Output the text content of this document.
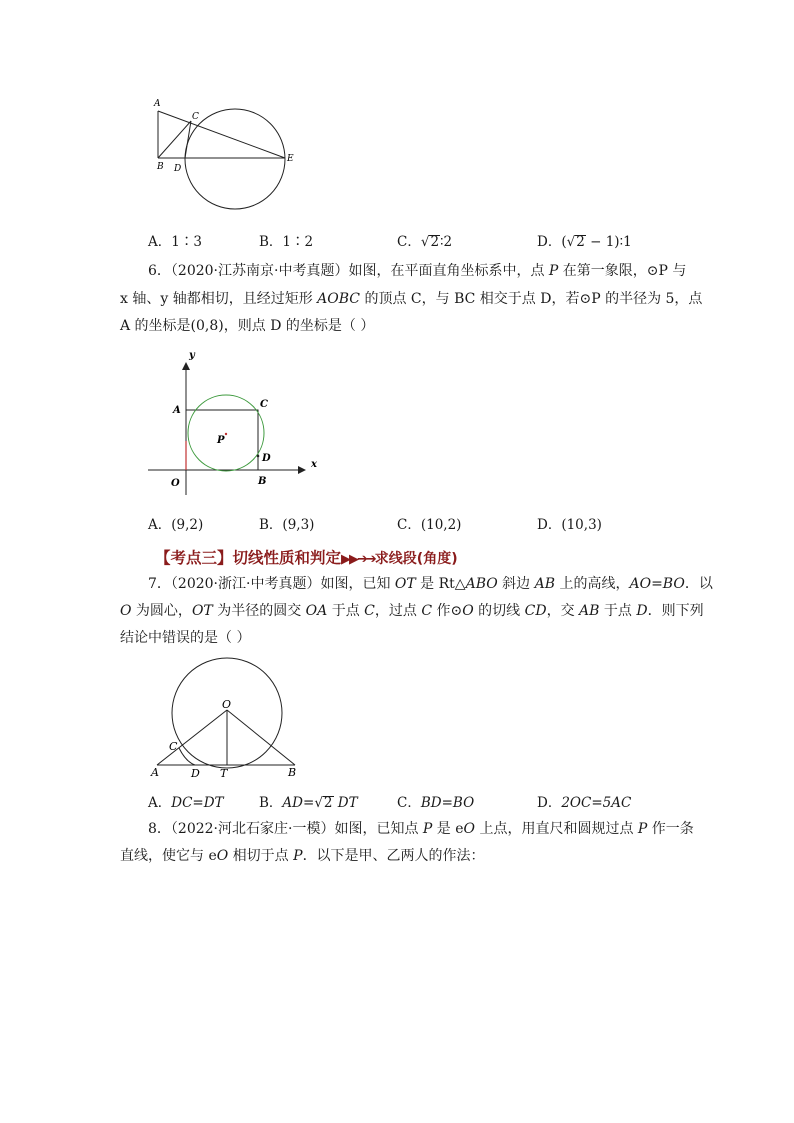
A
B
C
D
E
A．1∶3	B．1∶2	C．√2∶2	D．(√2 − 1)∶1
6．（2020·江苏南京·中考真题）如图，在平面直角坐标系中，点 P 在第一象限，⊙P 与
x 轴、y 轴都相切，且经过矩形 AOBC 的顶点 C，与 BC 相交于点 D，若⊙P 的半径为 5，点
A 的坐标是(0,8)，则点 D 的坐标是（ ）
y
x
A
C
P
D
O	B
A．(9,2)	B．(9,3)	C．(10,2)	D．(10,3)
【考点三】切线性质和判定▶▶➔➔求线段(角度)
7．（2020·浙江·中考真题）如图，已知 OT 是 Rt△ABO 斜边 AB 上的高线，AO=BO．以
O 为圆心，OT 为半径的圆交 OA 于点 C，过点 C 作⊙O 的切线 CD，交 AB 于点 D．则下列
结论中错误的是（ ）
O
C
A	D T	B
A．DC=DT	B．AD=√2 DT	C．BD=BO	D．2OC=5AC
8．（2022·河北石家庄·一模）如图，已知点 P 是 eO 上点，用直尺和圆规过点 P 作一条
直线，使它与 eO 相切于点 P．以下是甲、乙两人的作法：
